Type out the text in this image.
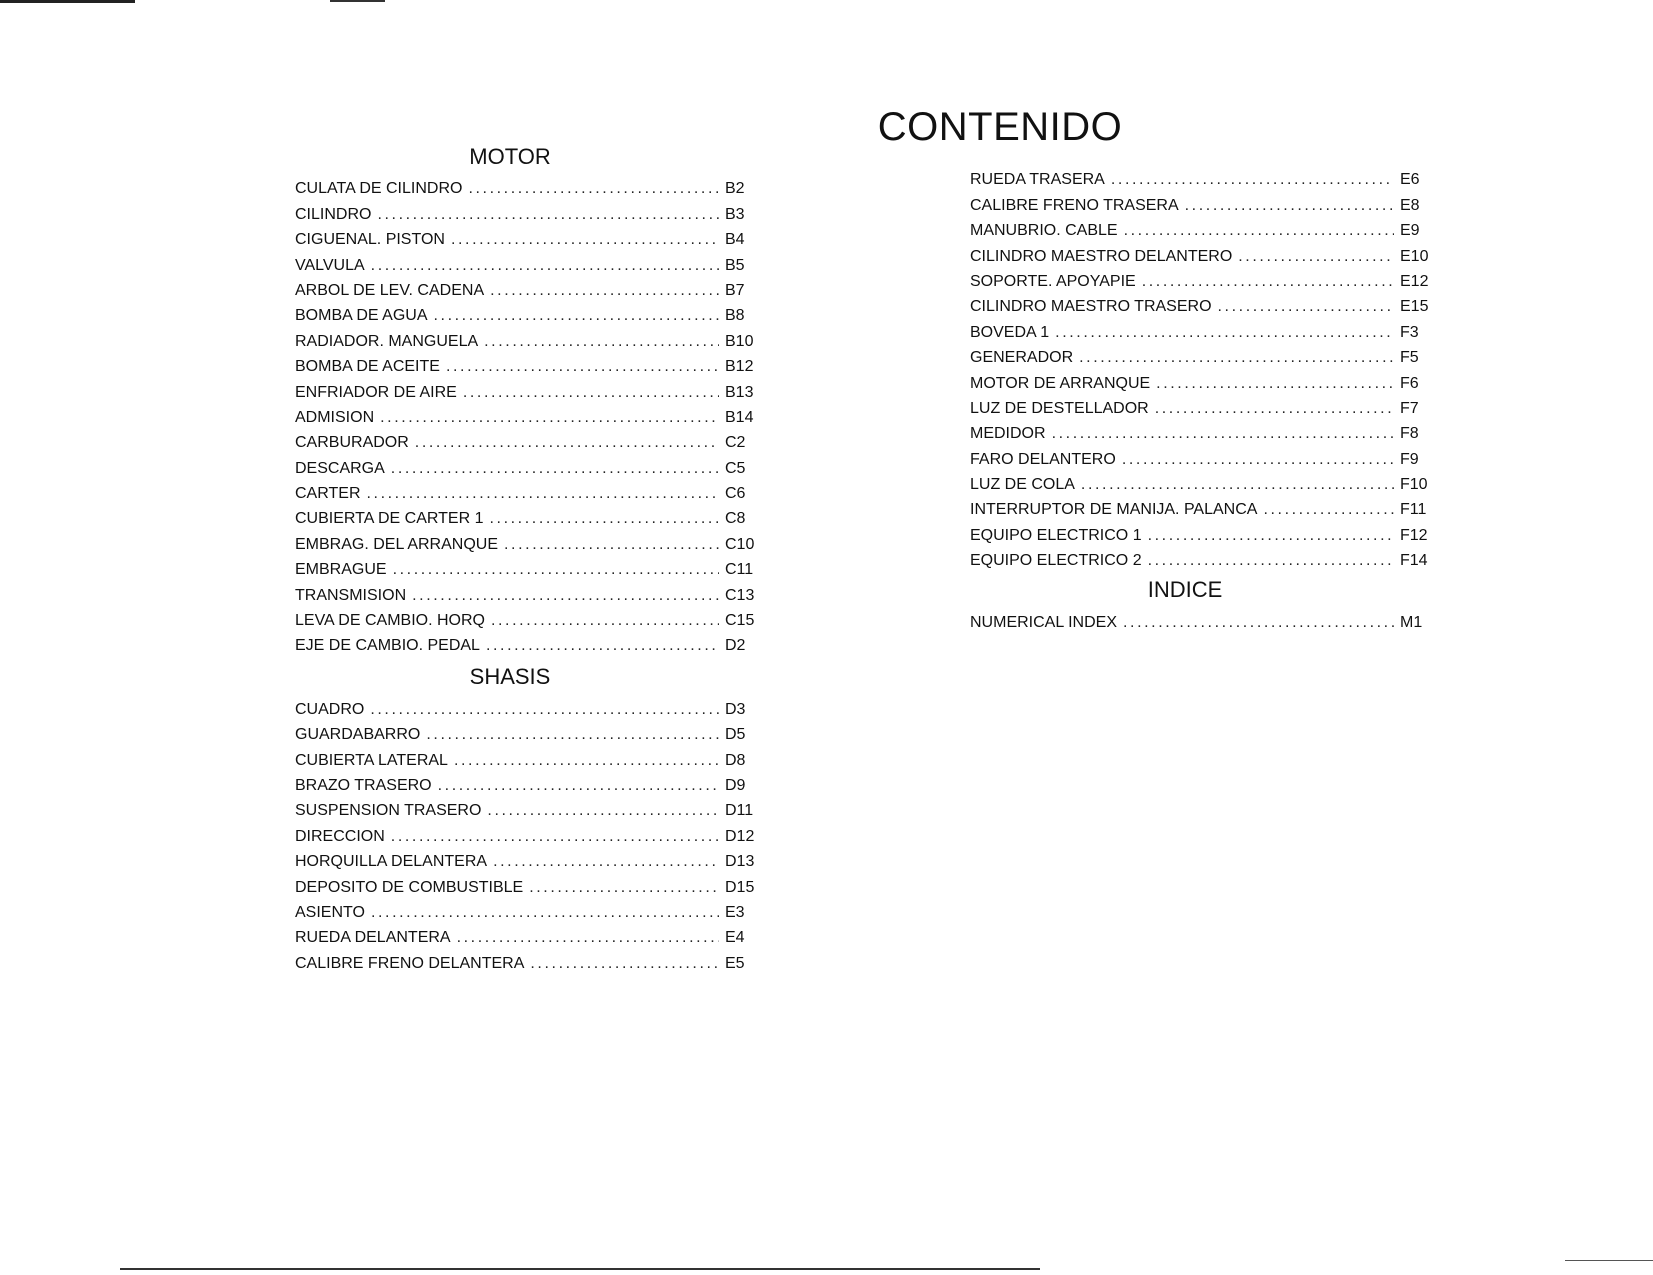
CONTENIDO
MOTOR
CULATA DE CILINDRO .....	B2
CILINDRO .....	B3
CIGUENAL. PISTON .....	B4
VALVULA .....	B5
ARBOL DE LEV. CADENA .....	B7
BOMBA DE AGUA .....	B8
RADIADOR. MANGUELA .....	B10
BOMBA DE ACEITE .....	B12
ENFRIADOR DE AIRE .....	B13
ADMISION .....	B14
CARBURADOR .....	C2
DESCARGA .....	C5
CARTER .....	C6
CUBIERTA DE CARTER 1 .....	C8
EMBRAG. DEL ARRANQUE .....	C10
EMBRAGUE .....	C11
TRANSMISION .....	C13
LEVA DE CAMBIO. HORQ .....	C15
EJE DE CAMBIO. PEDAL .....	D2
SHASIS
CUADRO .....	D3
GUARDABARRO .....	D5
CUBIERTA LATERAL .....	D8
BRAZO TRASERO .....	D9
SUSPENSION TRASERO .....	D11
DIRECCION .....	D12
HORQUILLA DELANTERA .....	D13
DEPOSITO DE COMBUSTIBLE .....	D15
ASIENTO .....	E3
RUEDA DELANTERA .....	E4
CALIBRE FRENO DELANTERA .....	E5
RUEDA TRASERA .....	E6
CALIBRE FRENO TRASERA .....	E8
MANUBRIO. CABLE .....	E9
CILINDRO MAESTRO DELANTERO .....	E10
SOPORTE. APOYAPIE .....	E12
CILINDRO MAESTRO TRASERO .....	E15
BOVEDA 1 .....	F3
GENERADOR .....	F5
MOTOR DE ARRANQUE .....	F6
LUZ DE DESTELLADOR .....	F7
MEDIDOR .....	F8
FARO DELANTERO .....	F9
LUZ DE COLA .....	F10
INTERRUPTOR DE MANIJA. PALANCA .....	F11
EQUIPO ELECTRICO 1 .....	F12
EQUIPO ELECTRICO 2 .....	F14
INDICE
NUMERICAL INDEX .....	M1
